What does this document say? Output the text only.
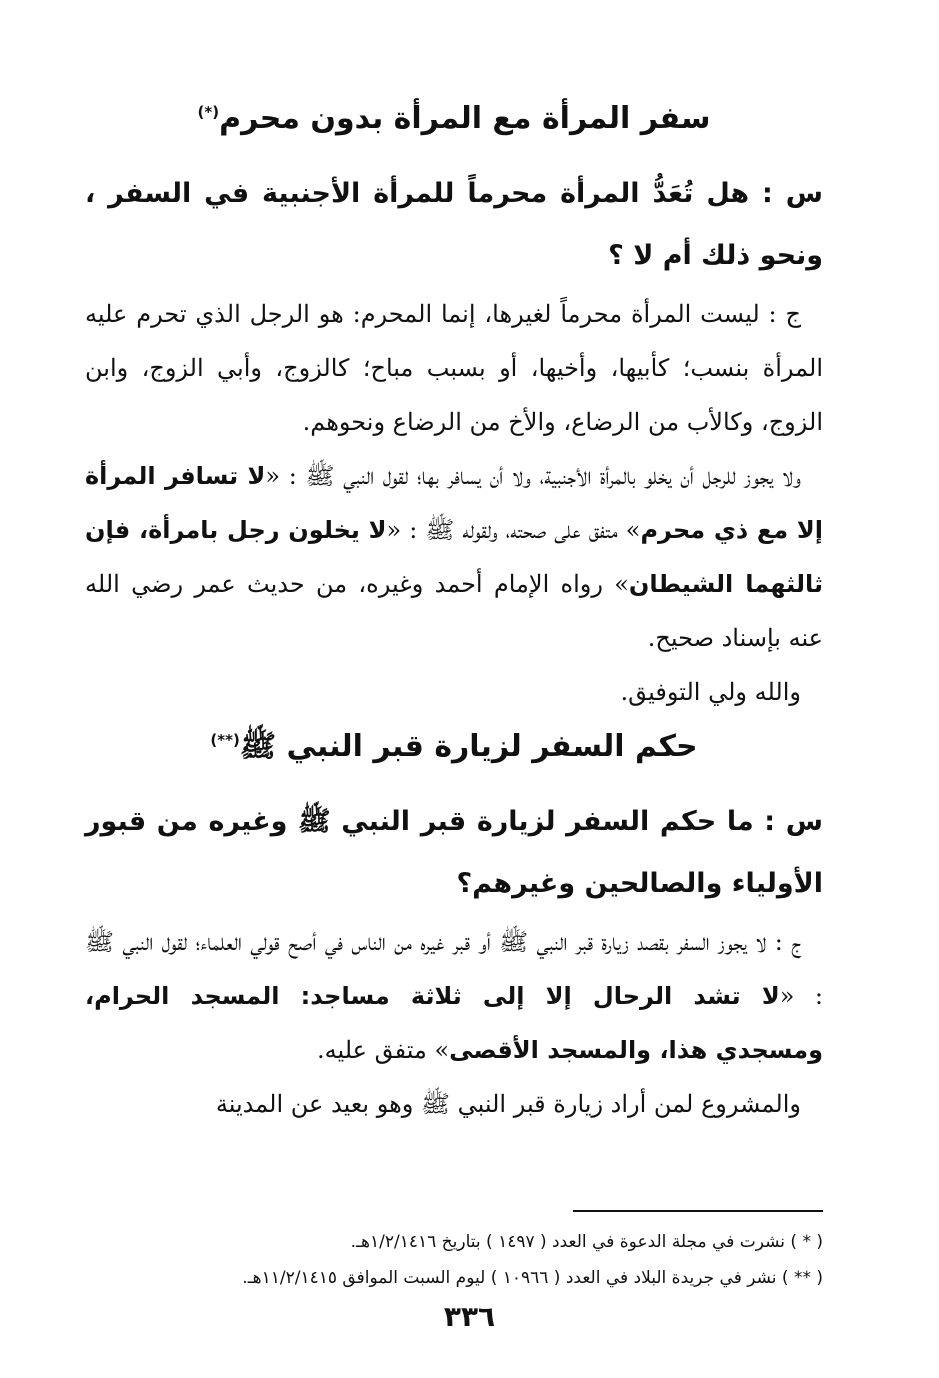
سفر المرأة مع المرأة بدون محرم(*)

س : هل تُعَدُّ المرأة محرماً للمرأة الأجنبية في السفر ، ونحو ذلك أم لا ؟

ج : ليست المرأة محرماً لغيرها، إنما المحرم: هو الرجل الذي تحرم عليه المرأة بنسب؛ كأبيها، وأخيها، أو بسبب مباح؛ كالزوج، وأبي الزوج، وابن الزوج، وكالأب من الرضاع، والأخ من الرضاع ونحوهم.

ولا يجوز للرجل أن يخلو بالمرأة الأجنبية، ولا أن يسافر بها؛ لقول النبي ﷺ : «لا تسافر المرأة إلا مع ذي محرم» متفق على صحته، ولقوله ﷺ : «لا يخلون رجل بامرأة، فإن ثالثهما الشيطان» رواه الإمام أحمد وغيره، من حديث عمر رضي الله عنه بإسناد صحيح.

والله ولي التوفيق.

حكم السفر لزيارة قبر النبي ﷺ(**)

س : ما حكم السفر لزيارة قبر النبي ﷺ وغيره من قبور الأولياء والصالحين وغيرهم؟

ج : لا يجوز السفر بقصد زيارة قبر النبي ﷺ أو قبر غيره من الناس في أصح قولي العلماء؛ لقول النبي ﷺ : «لا تشد الرحال إلا إلى ثلاثة مساجد: المسجد الحرام، ومسجدي هذا، والمسجد الأقصى» متفق عليه.

والمشروع لمن أراد زيارة قبر النبي ﷺ وهو بعيد عن المدينة

( * ) نشرت في مجلة الدعوة في العدد ( ١٤٩٧ ) بتاريخ ١/٢/١٤١٦هـ.

( ** ) نشر في جريدة البلاد في العدد ( ١٠٩٦٦ ) ليوم السبت الموافق ١١/٢/١٤١٥هـ.

٣٣٦
